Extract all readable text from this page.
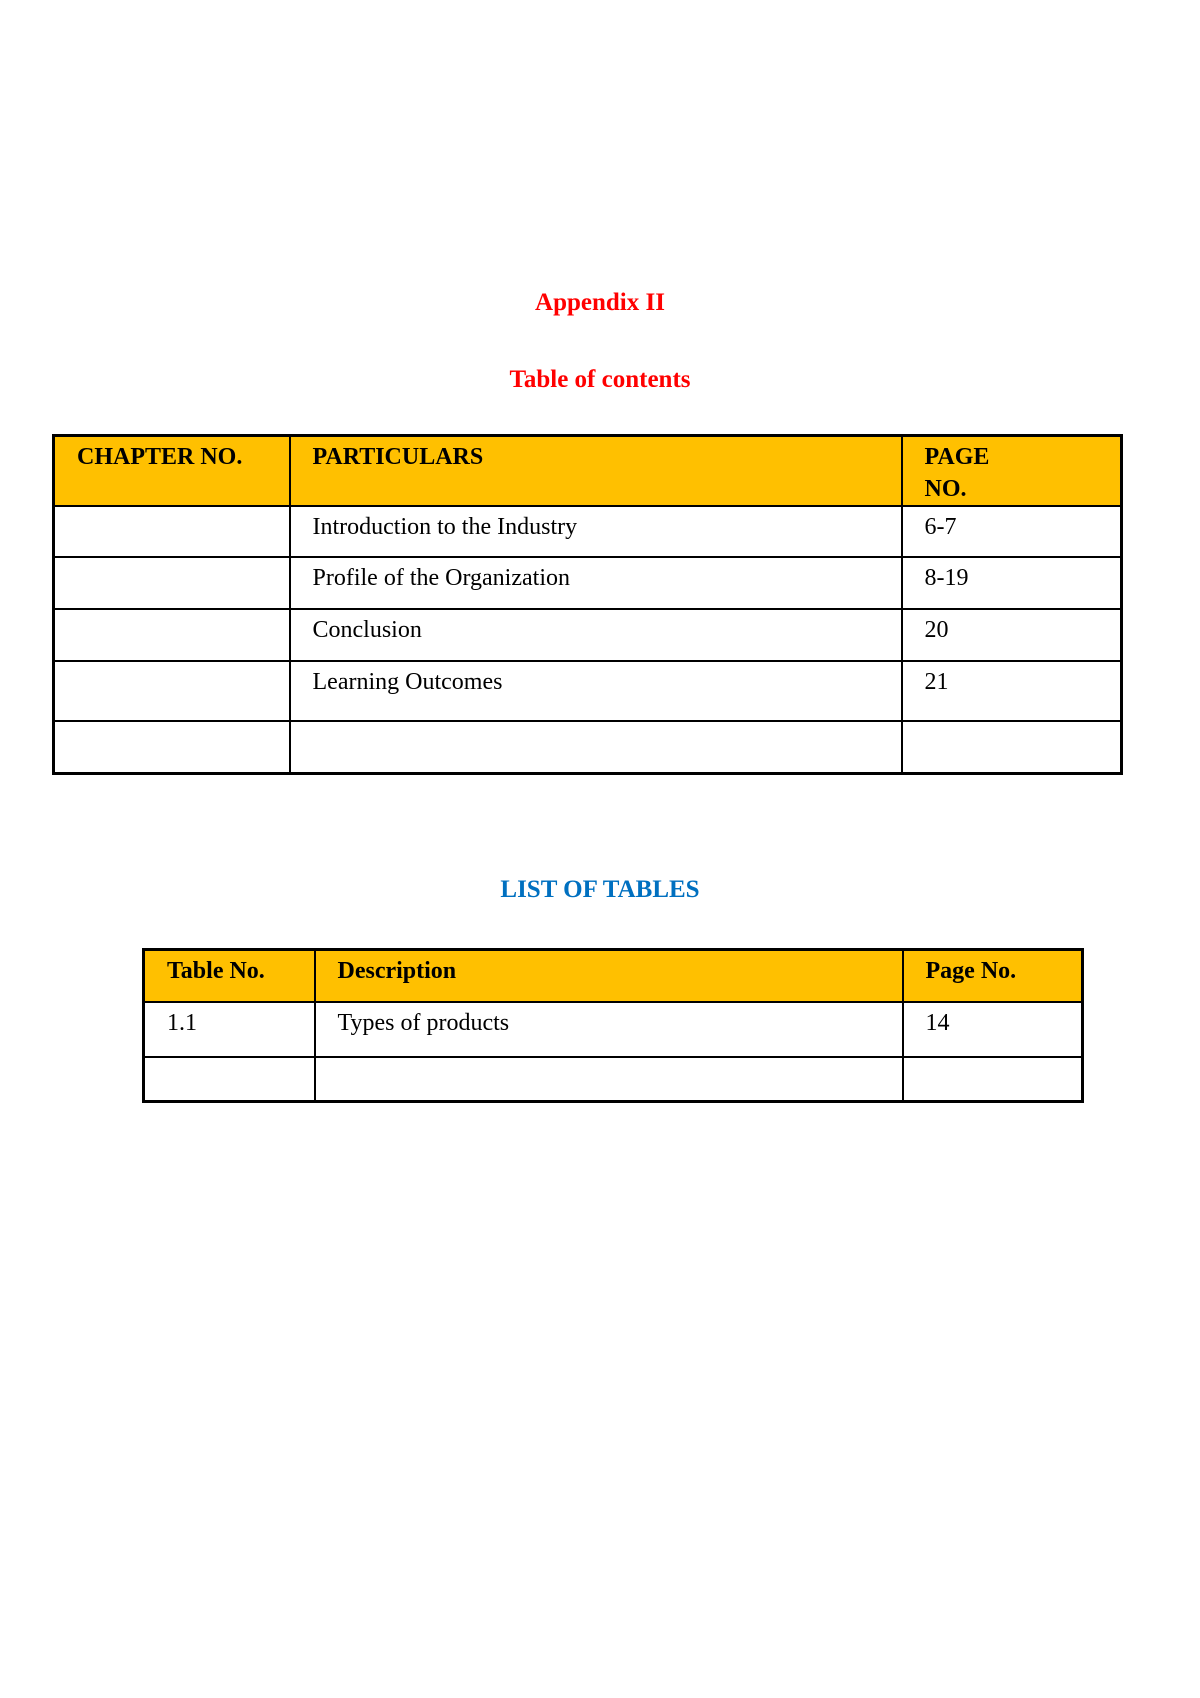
Appendix II
Table of contents
CHAPTER NO.	PARTICULARS	PAGE NO.
	Introduction to the Industry	6-7
	Profile of the Organization	8-19
	Conclusion	20
	Learning Outcomes	21

LIST OF TABLES
Table No.	Description	Page No.
1.1	Types of products	14
